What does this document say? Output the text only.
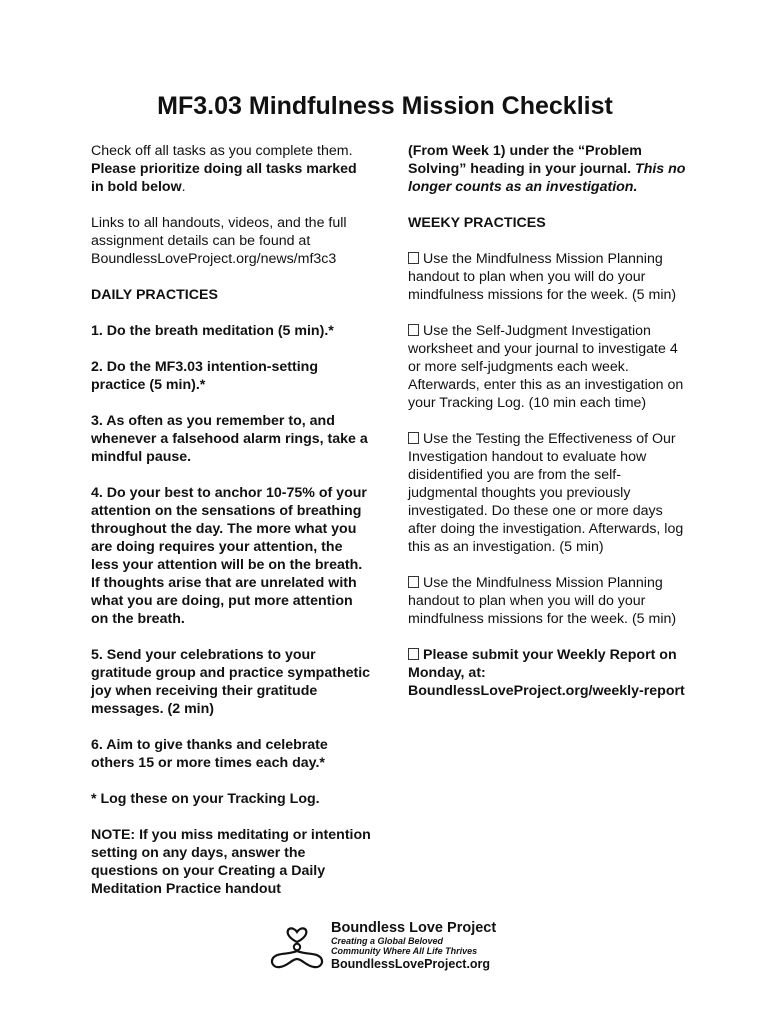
MF3.03 Mindfulness Mission Checklist

Check off all tasks as you complete them. Please prioritize doing all tasks marked in bold below.

Links to all handouts, videos, and the full assignment details can be found at BoundlessLoveProject.org/news/mf3c3

DAILY PRACTICES

1. Do the breath meditation (5 min).*

2. Do the MF3.03 intention-setting practice (5 min).*

3. As often as you remember to, and whenever a falsehood alarm rings, take a mindful pause.

4. Do your best to anchor 10-75% of your attention on the sensations of breathing throughout the day. The more what you are doing requires your attention, the less your attention will be on the breath. If thoughts arise that are unrelated with what you are doing, put more attention on the breath.

5. Send your celebrations to your gratitude group and practice sympathetic joy when receiving their gratitude messages. (2 min)

6. Aim to give thanks and celebrate others 15 or more times each day.*

* Log these on your Tracking Log.

NOTE: If you miss meditating or intention setting on any days, answer the questions on your Creating a Daily Meditation Practice handout

(From Week 1) under the “Problem Solving” heading in your journal. This no longer counts as an investigation.

WEEKY PRACTICES

Use the Mindfulness Mission Planning handout to plan when you will do your mindfulness missions for the week. (5 min)

Use the Self-Judgment Investigation worksheet and your journal to investigate 4 or more self-judgments each week. Afterwards, enter this as an investigation on your Tracking Log. (10 min each time)

Use the Testing the Effectiveness of Our Investigation handout to evaluate how disidentified you are from the self-judgmental thoughts you previously investigated. Do these one or more days after doing the investigation. Afterwards, log this as an investigation. (5 min)

Use the Mindfulness Mission Planning handout to plan when you will do your mindfulness missions for the week. (5 min)

Please submit your Weekly Report on Monday, at: BoundlessLoveProject.org/weekly-report

Boundless Love Project
Creating a Global Beloved
Community Where All Life Thrives
BoundlessLoveProject.org
